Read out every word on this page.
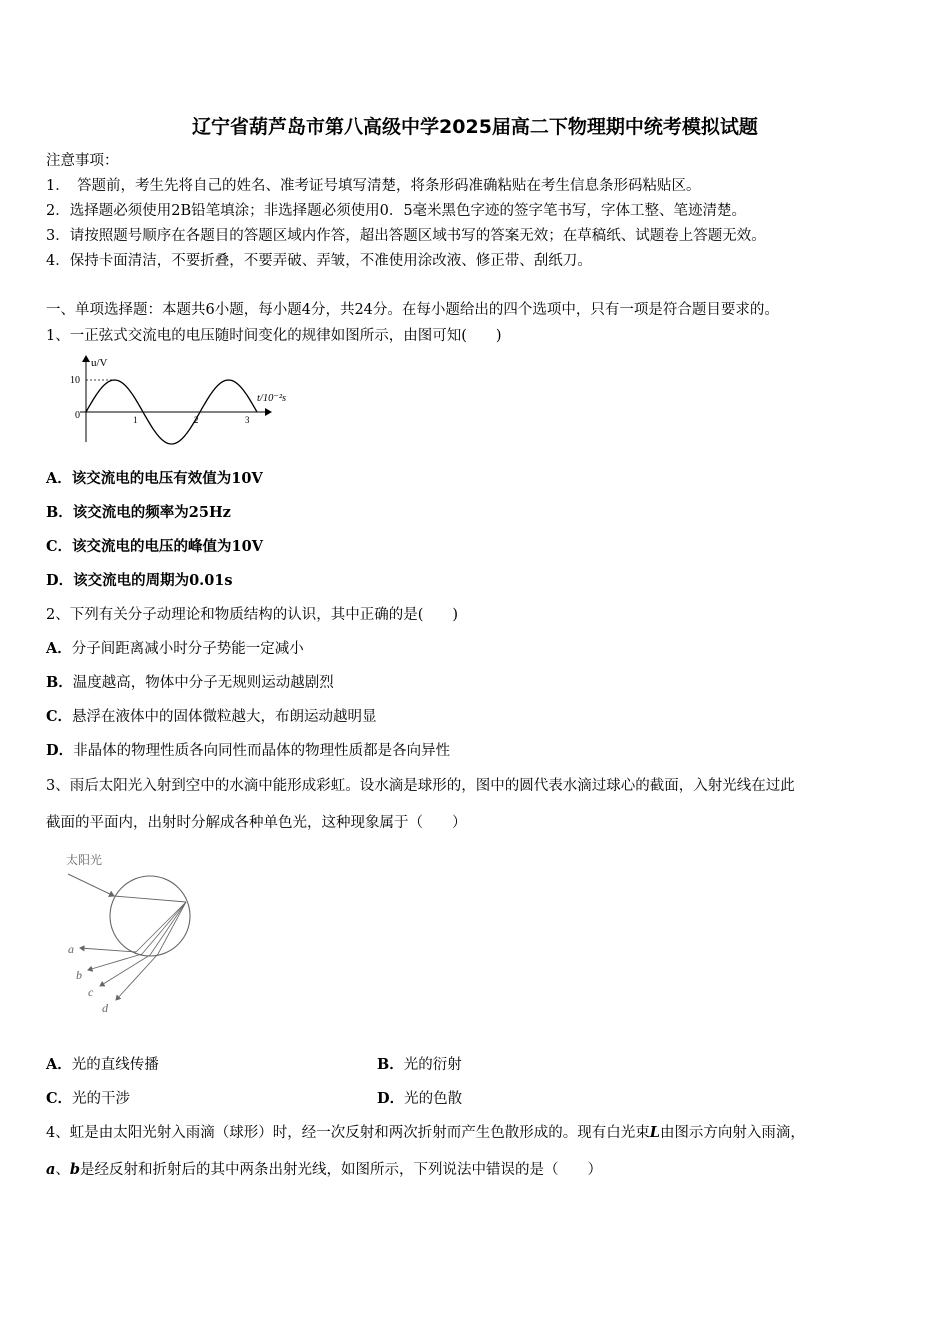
辽宁省葫芦岛市第八高级中学2025届高二下物理期中统考模拟试题
注意事项：
1．　答题前，考生先将自己的姓名、准考证号填写清楚，将条形码准确粘贴在考生信息条形码粘贴区。
2．选择题必须使用2B铅笔填涂；非选择题必须使用0．5毫米黑色字迹的签字笔书写，字体工整、笔迹清楚。
3．请按照题号顺序在各题目的答题区域内作答，超出答题区域书写的答案无效；在草稿纸、试题卷上答题无效。
4．保持卡面清洁，不要折叠，不要弄破、弄皱，不准使用涂改液、修正带、刮纸刀。
一、单项选择题：本题共6小题，每小题4分，共24分。在每小题给出的四个选项中，只有一项是符合题目要求的。
1、一正弦式交流电的电压随时间变化的规律如图所示，由图可知(　　)
u/V
10
0	1	2	3
t/10⁻²s
A．该交流电的电压有效值为10V
B．该交流电的频率为25Hz
C．该交流电的电压的峰值为10V
D．该交流电的周期为0.01s
2、下列有关分子动理论和物质结构的认识，其中正确的是(　　)
A．分子间距离减小时分子势能一定减小
B．温度越高，物体中分子无规则运动越剧烈
C．悬浮在液体中的固体微粒越大，布朗运动越明显
D．非晶体的物理性质各向同性而晶体的物理性质都是各向异性
3、雨后太阳光入射到空中的水滴中能形成彩虹。设水滴是球形的，图中的圆代表水滴过球心的截面，入射光线在过此
截面的平面内，出射时分解成各种单色光，这种现象属于（　　）
太阳光
a
b
c
d
A．光的直线传播	B．光的衍射
C．光的干涉	D．光的色散
4、虹是由太阳光射入雨滴（球形）时，经一次反射和两次折射而产生色散形成的。现有白光束L由图示方向射入雨滴，
a、b是经反射和折射后的其中两条出射光线，如图所示，下列说法中错误的是（　　）
